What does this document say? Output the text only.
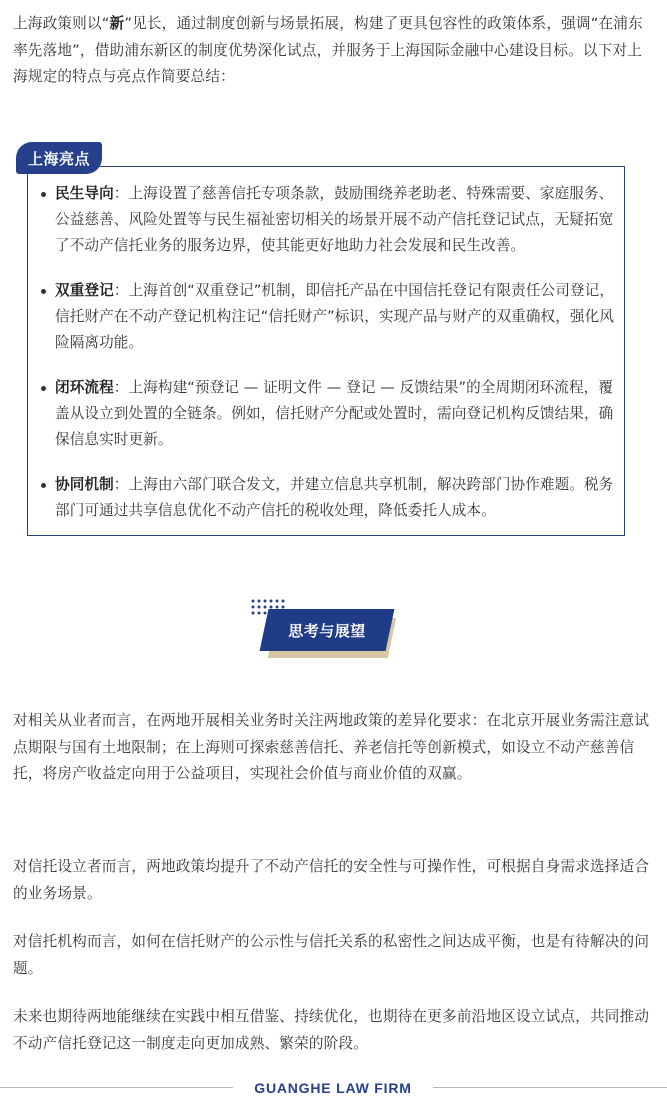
上海政策则以“新”见长，通过制度创新与场景拓展，构建了更具包容性的政策体系，强调“在浦东率先落地”，借助浦东新区的制度优势深化试点，并服务于上海国际金融中心建设目标。以下对上海规定的特点与亮点作简要总结：

上海亮点

民生导向：上海设置了慈善信托专项条款，鼓励围绕养老助老、特殊需要、家庭服务、公益慈善、风险处置等与民生福祉密切相关的场景开展不动产信托登记试点，无疑拓宽了不动产信托业务的服务边界，使其能更好地助力社会发展和民生改善。

双重登记：上海首创“双重登记”机制，即信托产品在中国信托登记有限责任公司登记，信托财产在不动产登记机构注记“信托财产”标识，实现产品与财产的双重确权，强化风险隔离功能。

闭环流程：上海构建“预登记 — 证明文件 — 登记 — 反馈结果”的全周期闭环流程，覆盖从设立到处置的全链条。例如，信托财产分配或处置时，需向登记机构反馈结果，确保信息实时更新。

协同机制：上海由六部门联合发文，并建立信息共享机制，解决跨部门协作难题。税务部门可通过共享信息优化不动产信托的税收处理，降低委托人成本。

思考与展望

对相关从业者而言，在两地开展相关业务时关注两地政策的差异化要求：在北京开展业务需注意试点期限与国有土地限制；在上海则可探索慈善信托、养老信托等创新模式，如设立不动产慈善信托，将房产收益定向用于公益项目，实现社会价值与商业价值的双赢。

对信托设立者而言，两地政策均提升了不动产信托的安全性与可操作性，可根据自身需求选择适合的业务场景。

对信托机构而言，如何在信托财产的公示性与信托关系的私密性之间达成平衡，也是有待解决的问题。

未来也期待两地能继续在实践中相互借鉴、持续优化，也期待在更多前沿地区设立试点，共同推动不动产信托登记这一制度走向更加成熟、繁荣的阶段。

GUANGHE LAW FIRM
